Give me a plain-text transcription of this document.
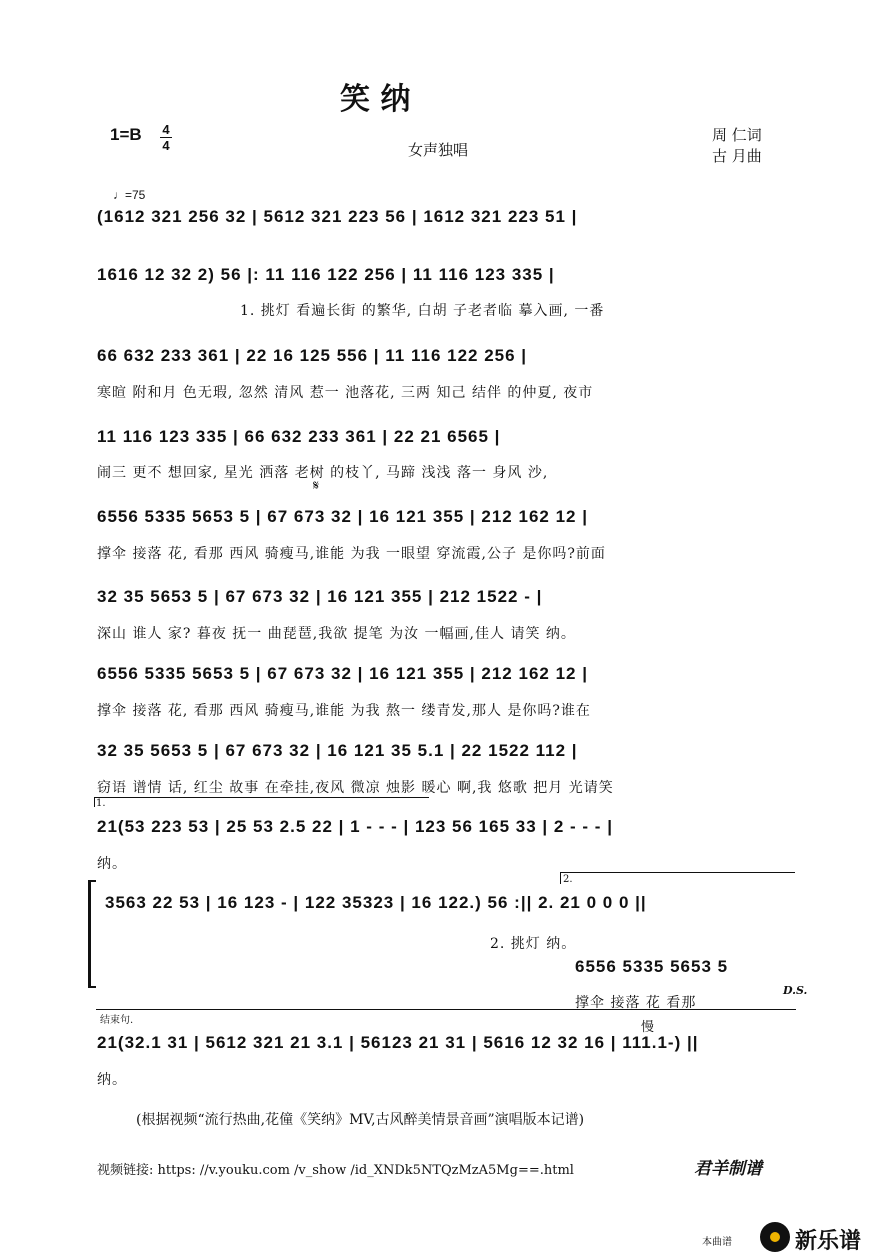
笑 纳
1=B 4
4	女声独唱
周 仁词
古 月曲
♩=75
(1612 321 256 32 | 5612 321 223 56 | 1612 321 223 51 |
1616 12 32 2) 56 |: 11 116 122 256 | 11 116 123 335 |
1. 挑灯 看遍长街 的繁华, 白胡 子老者临 摹入画, 一番
66 632 233 361 | 22 16 125 556 | 11 116 122 256 |
寒暄 附和月 色无瑕, 忽然 清风 惹一 池落花, 三两 知己 结伴 的仲夏, 夜市
11 116 123 335 | 66 632 233 361 | 22 21 6565 |
闹三 更不 想回家, 星光 洒落 老树 的枝丫, 马蹄 浅浅 落一 身风 沙,
6556 5335 5653 5 | 67 673 32 | 16 121 355 | 212 162 12 |
撑伞 接落 花, 看那 西风 骑瘦马,谁能 为我 一眼望 穿流霞,公子 是你吗?前面
32 35 5653 5 | 67 673 32 | 16 121 355 | 212 1522 - |
深山 谁人 家? 暮夜 抚一 曲琵琶,我欲 提笔 为汝 一幅画,佳人 请笑 纳。
6556 5335 5653 5 | 67 673 32 | 16 121 355 | 212 162 12 |
撑伞 接落 花, 看那 西风 骑瘦马,谁能 为我 熬一 缕青发,那人 是你吗?谁在
32 35 5653 5 | 67 673 32 | 16 121 35 5.1 | 22 1522 112 |
窃语 谱情 话, 红尘 故事 在牵挂,夜风 微凉 烛影 暖心 啊,我 悠歌 把月 光请笑
21(53 223 53 | 25 53 2.5 22 | 1 - - - | 123 56 165 33 | 2 - - - |
纳。
3563 22 53 | 16 123 - | 122 35323 | 16 122.) 56 :|| 2. 21 0 0 0 ||
2. 挑灯 纳。
6556 5335 5653 5
撑伞 接落 花 看那
21(32.1 31 | 5612 321 21 3.1 | 56123 21 31 | 5616 12 32 16 | 111.1-) ||
纳。
1.
2.
结束句.
𝄋
D.S.
慢
(根据视频“流行热曲,花僮《笑纳》MV,古风醉美情景音画”演唱版本记谱)
视频链接: https: //v.youku.com /v_show /id_XNDk5NTQzMzA5Mg==.html	君羊制谱
本曲谱	新乐谱
